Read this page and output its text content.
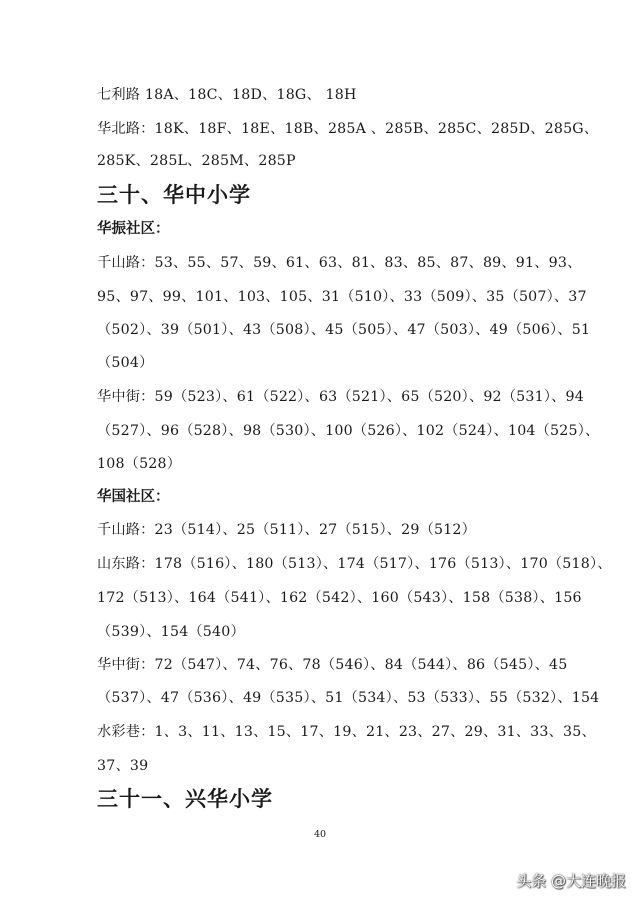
七利路 18A、18C、18D、18G、 18H
华北路：18K、18F、18E、18B、285A 、285B、285C、285D、285G、
285K、285L、285M、285P
三十、华中小学
华振社区：
千山路：53、55、57、59、61、63、81、83、85、87、89、91、93、
95、97、99、101、103、105、31（510）、33（509）、35（507）、37
（502）、39（501）、43（508）、45（505）、47（503）、49（506）、51
（504）
华中街：59（523）、61（522）、63（521）、65（520）、92（531）、94
（527）、96（528）、98（530）、100（526）、102（524）、104（525）、
108（528）
华国社区：
千山路：23（514）、25（511）、27（515）、29（512）
山东路：178（516）、180（513）、174（517）、176（513）、170（518）、
172（513）、164（541）、162（542）、160（543）、158（538）、156
（539）、154（540）
华中街：72（547）、74、76、78（546）、84（544）、86（545）、45
（537）、47（536）、49（535）、51（534）、53（533）、55（532）、154
水彩巷：1、3、11、13、15、17、19、21、23、27、29、31、33、35、
37、39
三十一、兴华小学
40
头条 @大连晚报
